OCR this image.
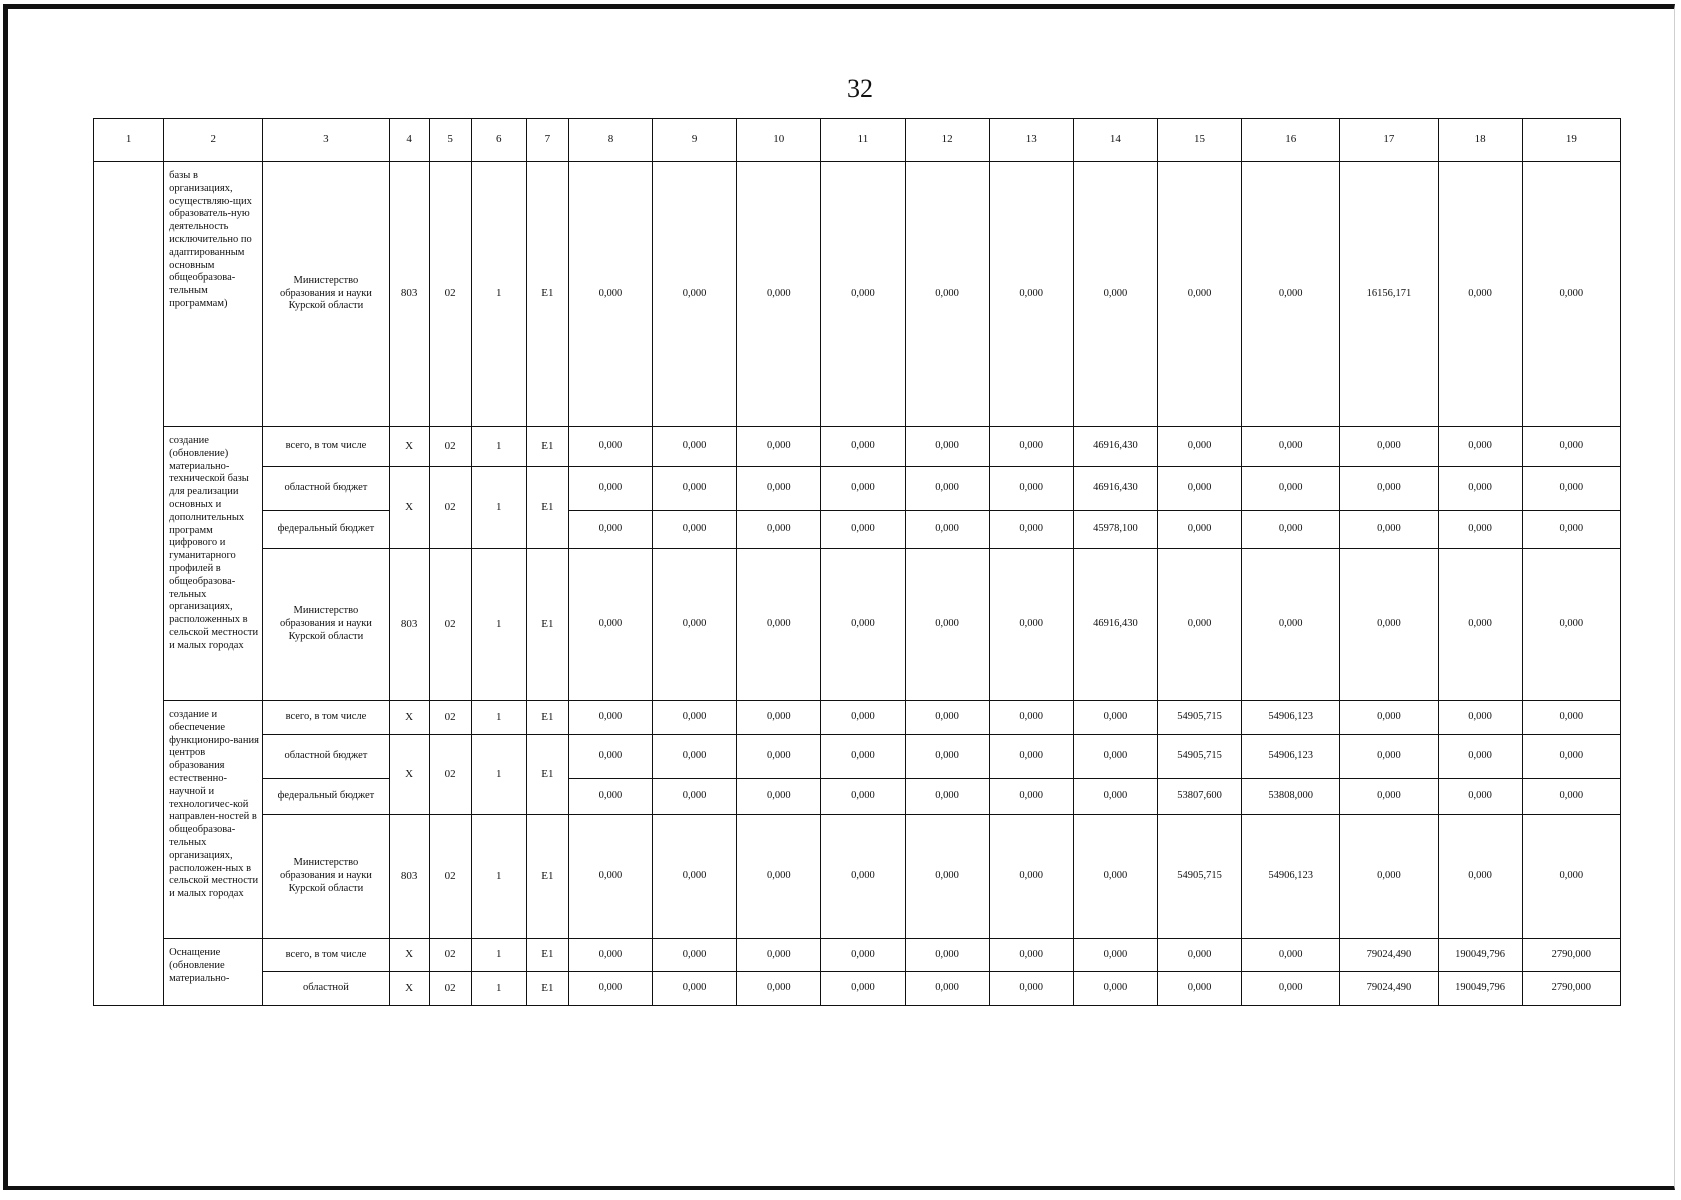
32
1	2	3	4	5	6	7	8	9	10	11	12	13	14	15	16	17	18	19
	базы в организациях, осуществляю-щих образователь-ную деятельность исключительно по адаптированным основным общеобразова-тельным программам)	Министерство образования и науки Курской области	803	02	1	E1	0,000	0,000	0,000	0,000	0,000	0,000	0,000	0,000	0,000	16156,171	0,000	0,000
	создание (обновление) материально-технической базы для реализации основных и дополнительных программ цифрового и гуманитарного профилей в общеобразова-тельных организациях, расположенных в сельской местности и малых городах	всего, в том числе	X	02	1	E1	0,000	0,000	0,000	0,000	0,000	0,000	46916,430	0,000	0,000	0,000	0,000	0,000
		областной бюджет	X	02	1	E1	0,000	0,000	0,000	0,000	0,000	0,000	46916,430	0,000	0,000	0,000	0,000	0,000
		федеральный бюджет					0,000	0,000	0,000	0,000	0,000	0,000	45978,100	0,000	0,000	0,000	0,000	0,000
		Министерство образования и науки Курской области	803	02	1	E1	0,000	0,000	0,000	0,000	0,000	0,000	46916,430	0,000	0,000	0,000	0,000	0,000
	создание и обеспечение функциониро-вания центров образования естественно-научной и технологичес-кой направлен-ностей в общеобразова-тельных организациях, расположен-ных в сельской местности и малых городах	всего, в том числе	X	02	1	E1	0,000	0,000	0,000	0,000	0,000	0,000	0,000	54905,715	54906,123	0,000	0,000	0,000
		областной бюджет	X	02	1	E1	0,000	0,000	0,000	0,000	0,000	0,000	0,000	54905,715	54906,123	0,000	0,000	0,000
		федеральный бюджет					0,000	0,000	0,000	0,000	0,000	0,000	0,000	53807,600	53808,000	0,000	0,000	0,000
		Министерство образования и науки Курской области	803	02	1	E1	0,000	0,000	0,000	0,000	0,000	0,000	0,000	54905,715	54906,123	0,000	0,000	0,000
	Оснащение (обновление материально-	всего, в том числе	X	02	1	E1	0,000	0,000	0,000	0,000	0,000	0,000	0,000	0,000	0,000	79024,490	190049,796	2790,000
		областной	X	02	1	E1	0,000	0,000	0,000	0,000	0,000	0,000	0,000	0,000	0,000	79024,490	190049,796	2790,000
